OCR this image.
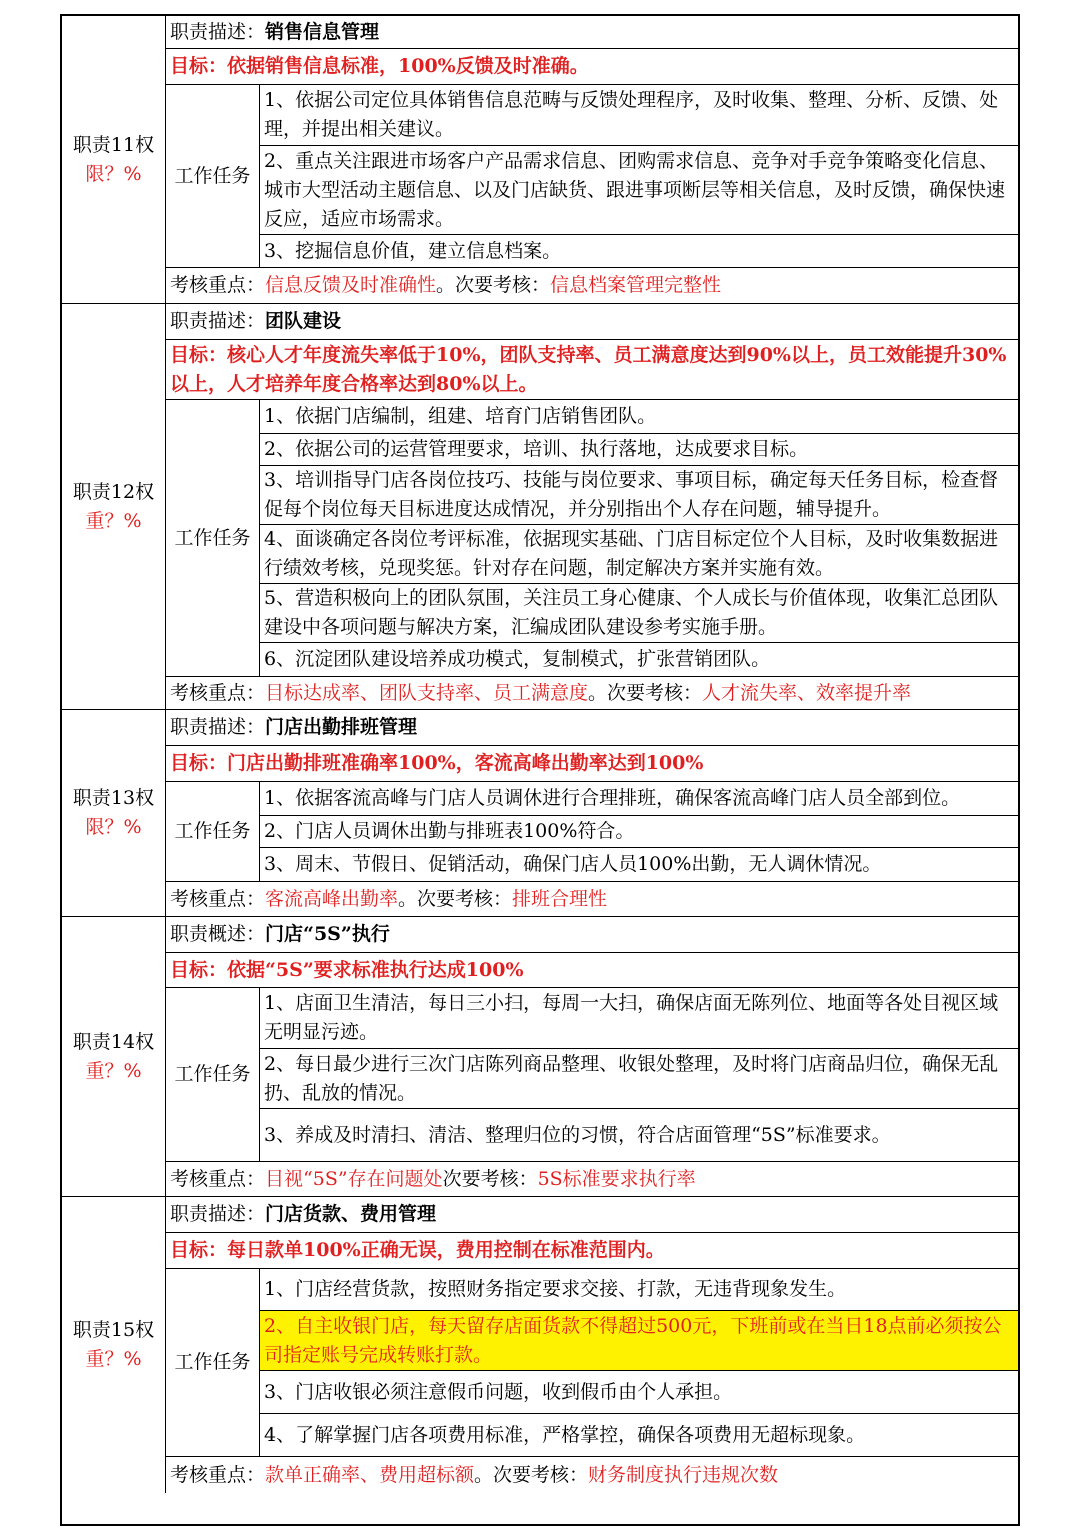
职责11权
限？%
职责描述： 销售信息管理
目标：依据销售信息标准，100%反馈及时准确。
工作任务
1、依据公司定位具体销售信息范畴与反馈处理程序，及时收集、整理、分析、反馈、处理，并提出相关建议。
2、重点关注跟进市场客户产品需求信息、团购需求信息、竞争对手竞争策略变化信息、城市大型活动主题信息、以及门店缺货、跟进事项断层等相关信息，及时反馈，确保快速反应，适应市场需求。
3、挖掘信息价值，建立信息档案。
考核重点： 信息反馈及时准确性 。次要考核： 信息档案管理完整性
职责12权
重？%
职责描述： 团队建设
目标：核心人才年度流失率低于10%，团队支持率、员工满意度达到90%以上，员工效能提升30%以上，人才培养年度合格率达到80%以上。
工作任务
1、依据门店编制，组建、培育门店销售团队。
2、依据公司的运营管理要求，培训、执行落地，达成要求目标。
3、培训指导门店各岗位技巧、技能与岗位要求、事项目标，确定每天任务目标，检查督促每个岗位每天目标进度达成情况，并分别指出个人存在问题，辅导提升。
4、面谈确定各岗位考评标准，依据现实基础、门店目标定位个人目标，及时收集数据进行绩效考核，兑现奖惩。针对存在问题，制定解决方案并实施有效。
5、营造积极向上的团队氛围，关注员工身心健康、个人成长与价值体现，收集汇总团队建设中各项问题与解决方案，汇编成团队建设参考实施手册。
6、沉淀团队建设培养成功模式，复制模式，扩张营销团队。
考核重点： 目标达成率、团队支持率、员工满意度 。次要考核： 人才流失率、效率提升率
职责13权
限？%
职责描述： 门店出勤排班管理
目标：门店出勤排班准确率100%，客流高峰出勤率达到100%
工作任务
1、依据客流高峰与门店人员调休进行合理排班，确保客流高峰门店人员全部到位。
2、门店人员调休出勤与排班表100%符合。
3、周末、节假日、促销活动，确保门店人员100%出勤，无人调休情况。
考核重点： 客流高峰出勤率 。次要考核： 排班合理性
职责14权
重？%
职责概述： 门店“5S”执行
目标：依据“5S”要求标准执行达成100%
工作任务
1、店面卫生清洁，每日三小扫，每周一大扫，确保店面无陈列位、地面等各处目视区域无明显污迹。
2、每日最少进行三次门店陈列商品整理、收银处整理，及时将门店商品归位，确保无乱扔、乱放的情况。
3、养成及时清扫、清洁、整理归位的习惯，符合店面管理“5S”标准要求。
考核重点： 目视“5S”存在问题处 次要考核： 5S标准要求执行率
职责15权
重？%
职责描述： 门店货款、费用管理
目标：每日款单100%正确无误，费用控制在标准范围内。
工作任务
1、门店经营货款，按照财务指定要求交接、打款，无违背现象发生。
2、自主收银门店，每天留存店面货款不得超过500元，下班前或在当日18点前必须按公司指定账号完成转账打款。
3、门店收银必须注意假币问题，收到假币由个人承担。
4、了解掌握门店各项费用标准，严格掌控，确保各项费用无超标现象。
考核重点： 款单正确率、费用超标额 。次要考核： 财务制度执行违规次数
